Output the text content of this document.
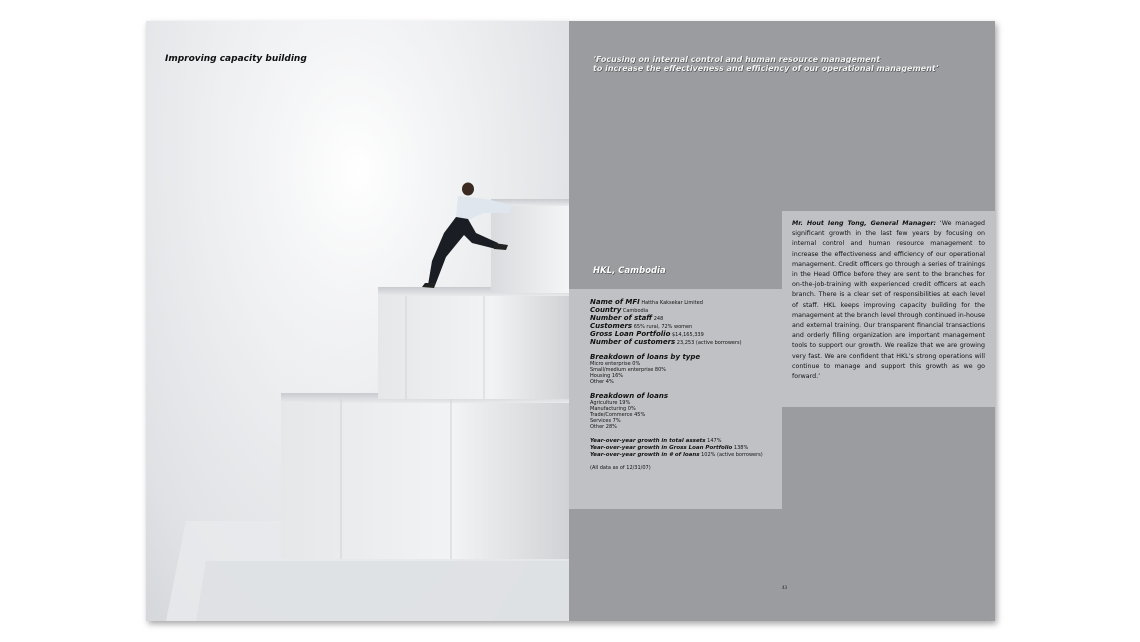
Improving capacity building	‘Focusing on internal control and human resource management
to increase the effectiveness and efficiency of our operational management’

HKL, Cambodia
Name of MFI Hattha Kaksekar Limited
Country Cambodia
Number of staff 248
Customers 65% rural, 72% women
Gross Loan Portfolio $14,165,339
Number of customers 23,253 (active borrowers)
Breakdown of loans by type
Micro enterprise 0%
Small/medium enterprise 80%
Housing 16%
Other 4%
Breakdown of loans
Agriculture 19%
Manufacturing 0%
Trade/Commerce 45%
Services 7%
Other 28%
Year-over-year growth in total assets 147%
Year-over-year growth in Gross Loan Portfolio 138%
Year-over-year growth in # of loans 102% (active borrowers)
(All data as of 12/31/07)

Mr. Hout Ieng Tong, General Manager: ‘We managed significant growth in the last few years by focusing on internal control and human resource management to increase the effectiveness and efficiency of our operational management. Credit officers go through a series of trainings in the Head Office before they are sent to the branches for on-the-job-training with experienced credit officers at each branch. There is a clear set of responsibilities at each level of staff. HKL keeps improving capacity building for the management at the branch level through continued in-house and external training. Our transparent financial transactions and orderly filling organization are important management tools to support our growth. We realize that we are growing very fast. We are confident that HKL’s strong operations will continue to manage and support this growth as we go forward.’

43
